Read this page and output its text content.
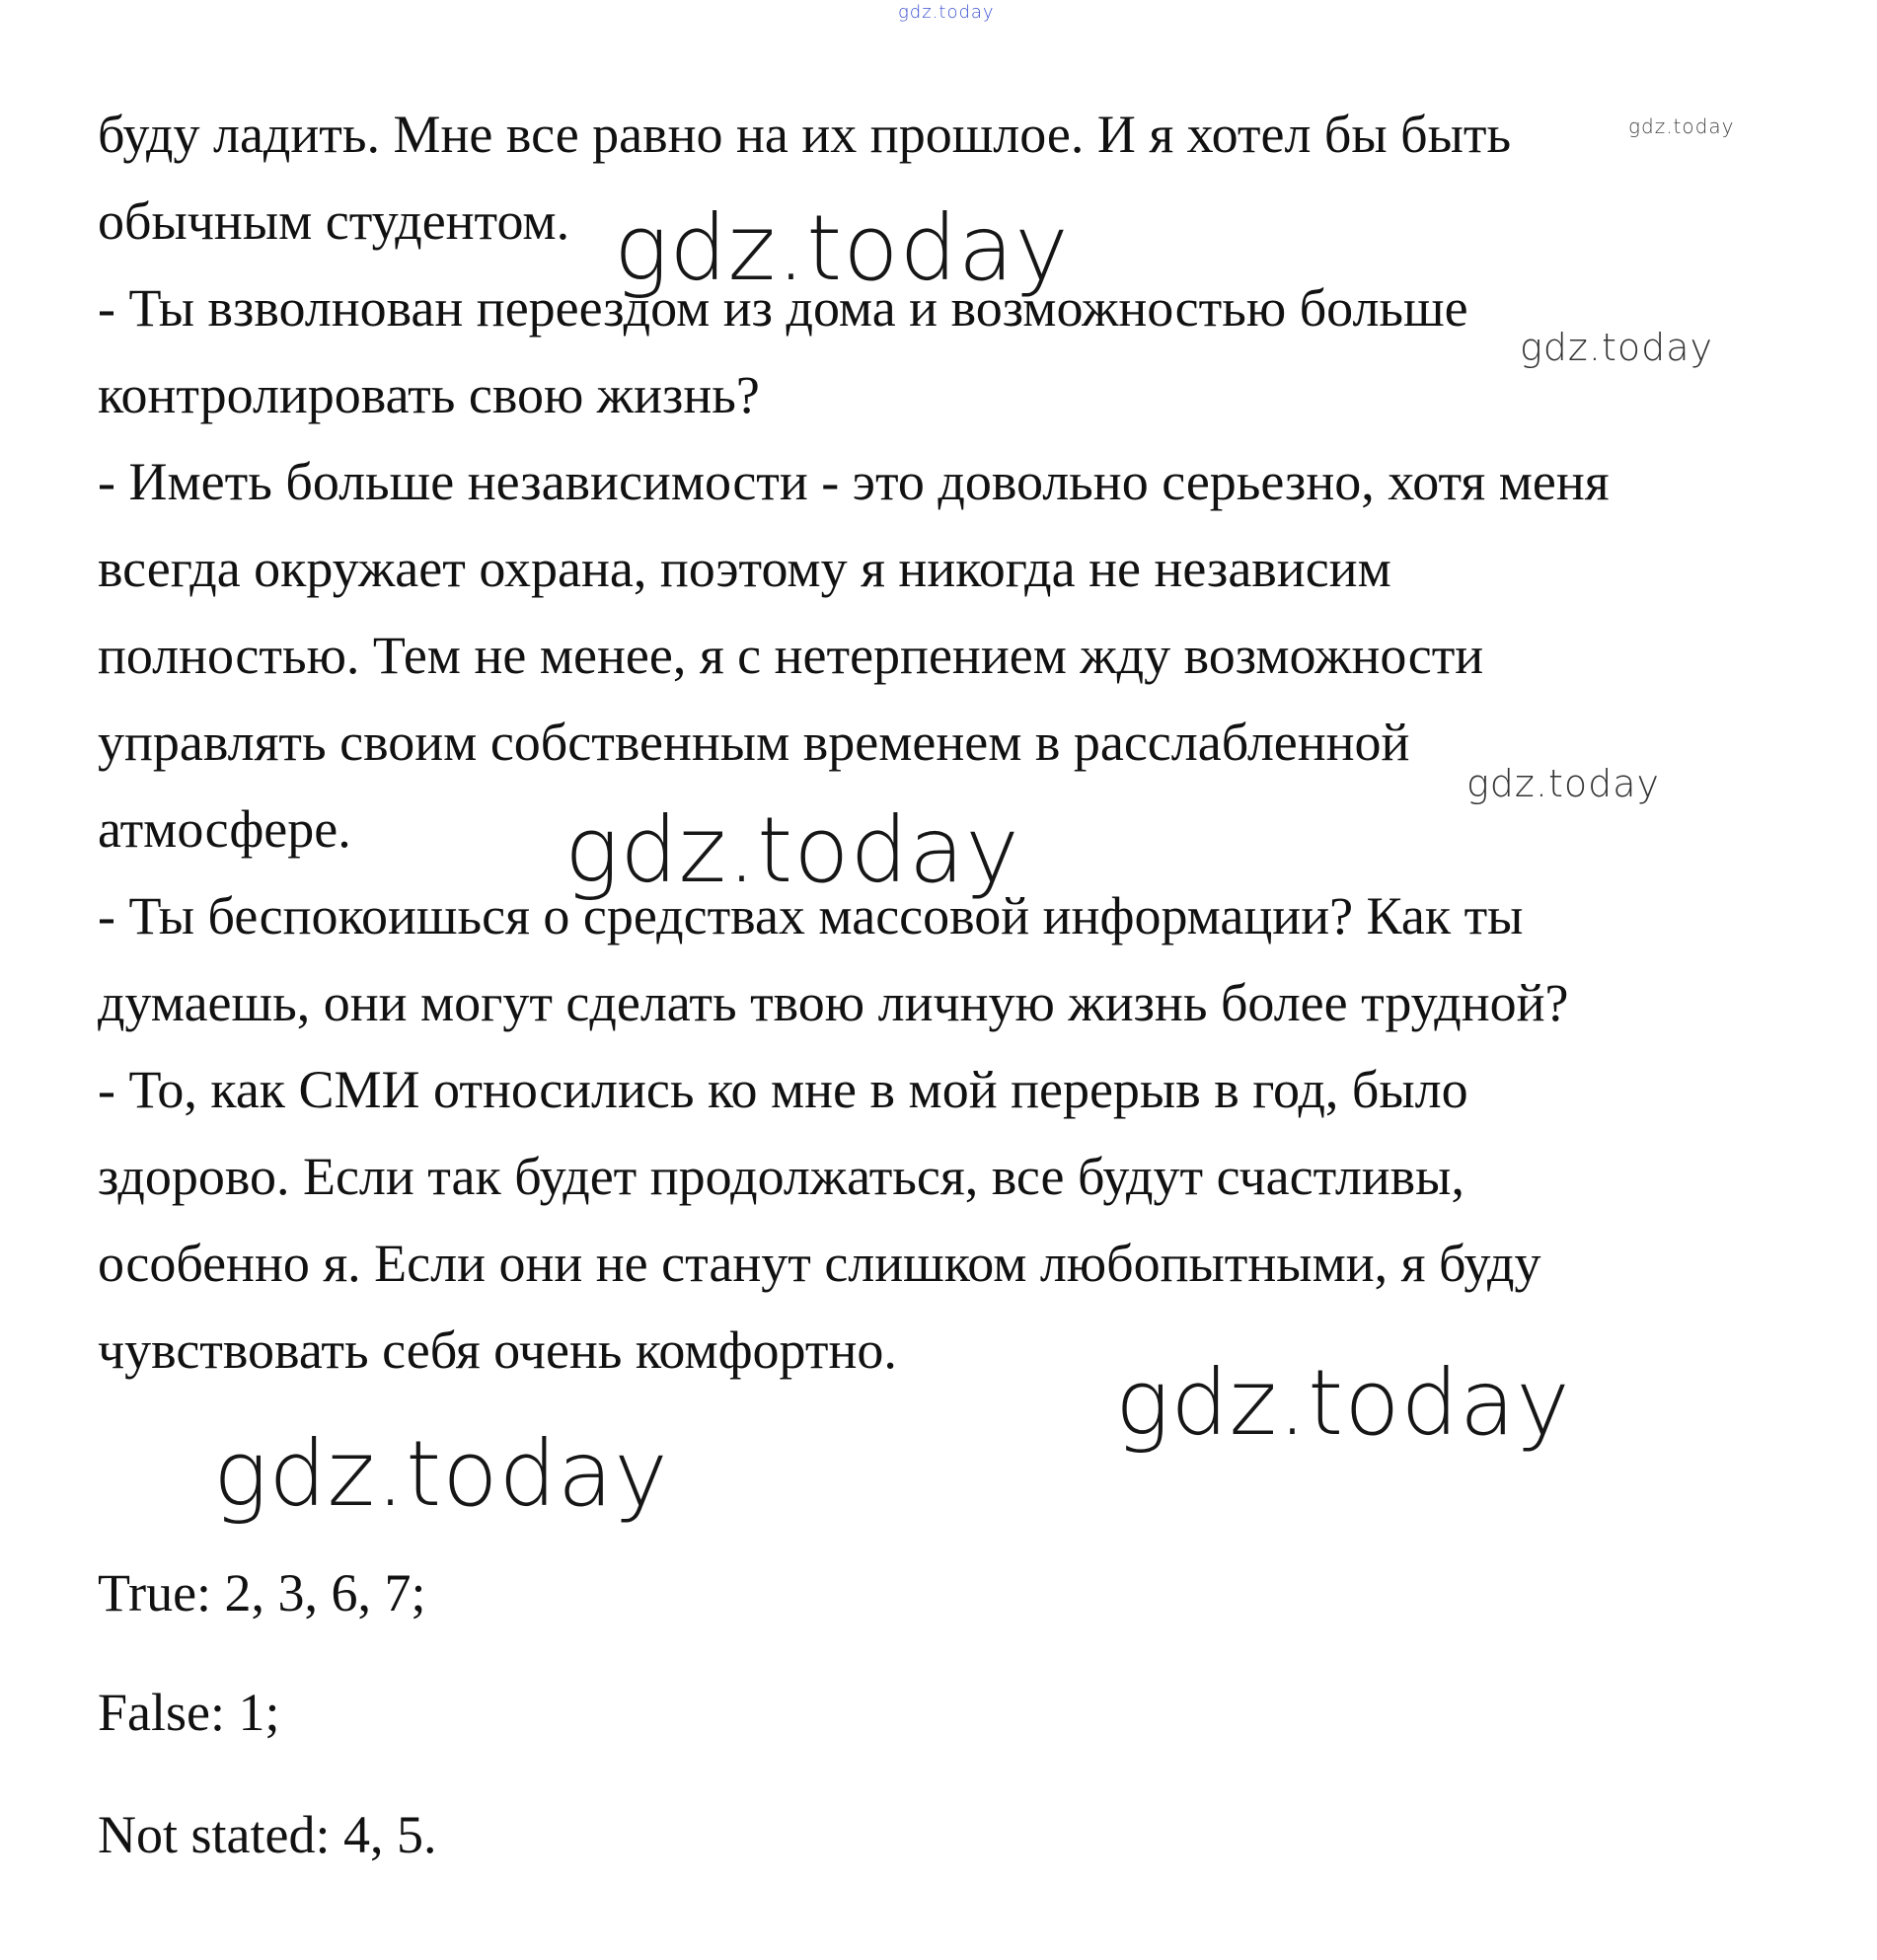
gdz.today
буду ладить. Мне все равно на их прошлое. И я хотел бы быть
обычным студентом.
- Ты взволнован переездом из дома и возможностью больше
контролировать свою жизнь?
- Иметь больше независимости - это довольно серьезно, хотя меня
всегда окружает охрана, поэтому я никогда не независим
полностью. Тем не менее, я с нетерпением жду возможности
управлять своим собственным временем в расслабленной
атмосфере.
- Ты беспокоишься о средствах массовой информации? Как ты
думаешь, они могут сделать твою личную жизнь более трудной?
- То, как СМИ относились ко мне в мой перерыв в год, было
здорово. Если так будет продолжаться, все будут счастливы,
особенно я. Если они не станут слишком любопытными, я буду
чувствовать себя очень комфортно.
True: 2, 3, 6, 7;
False: 1;
Not stated: 4, 5.
gdz.today
gdz.today
gdz.today
gdz.today
gdz.today
gdz.today
gdz.today
